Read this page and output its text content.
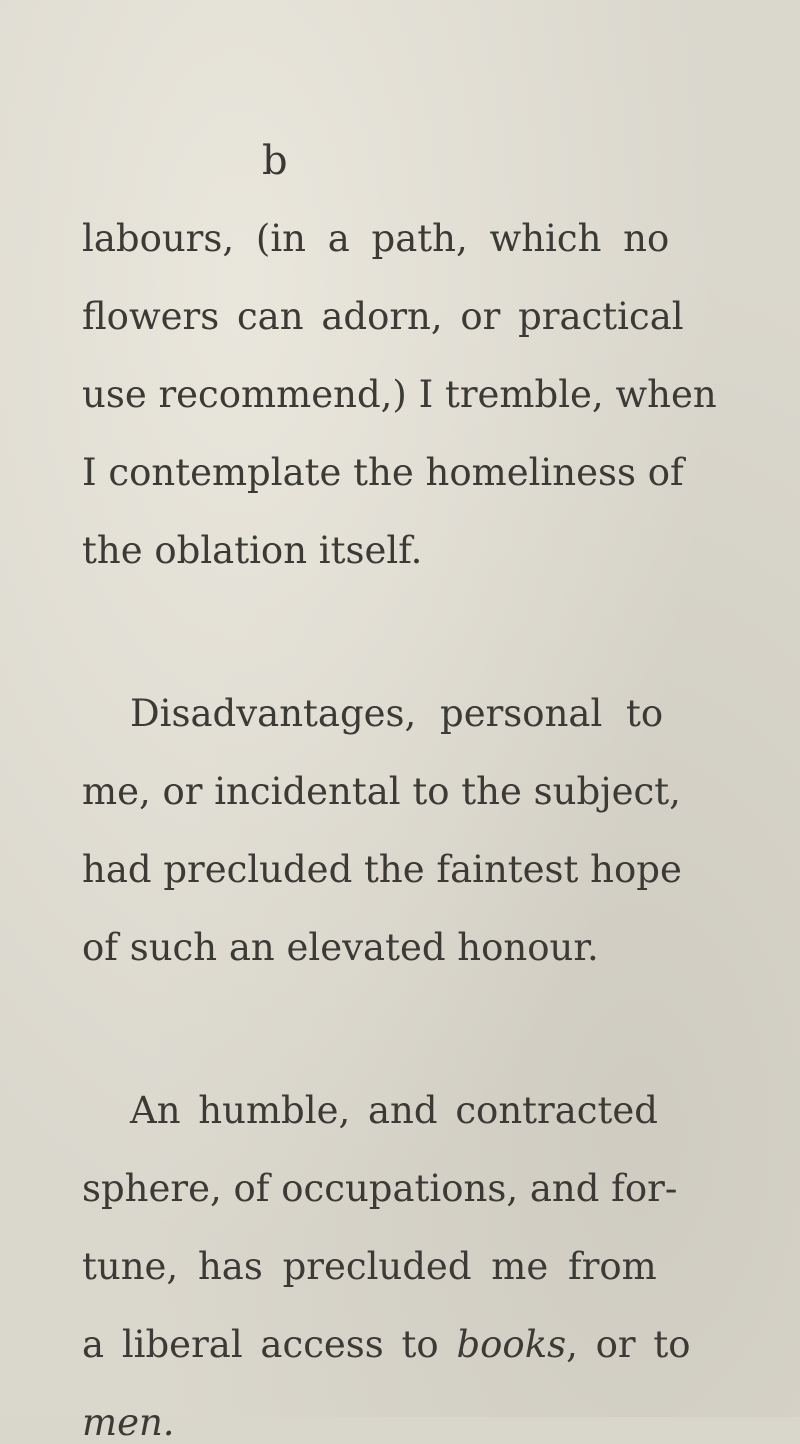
b
labours, (in a path, which no
flowers can adorn, or practical
use recommend,) I tremble, when
I contemplate the homeliness of
the oblation itself.
Disadvantages, personal to
me, or incidental to the subject,
had precluded the faintest hope
of such an elevated honour.
An humble, and contracted
sphere, of occupations, and for-
tune, has precluded me from
a liberal access to books, or to
men.
